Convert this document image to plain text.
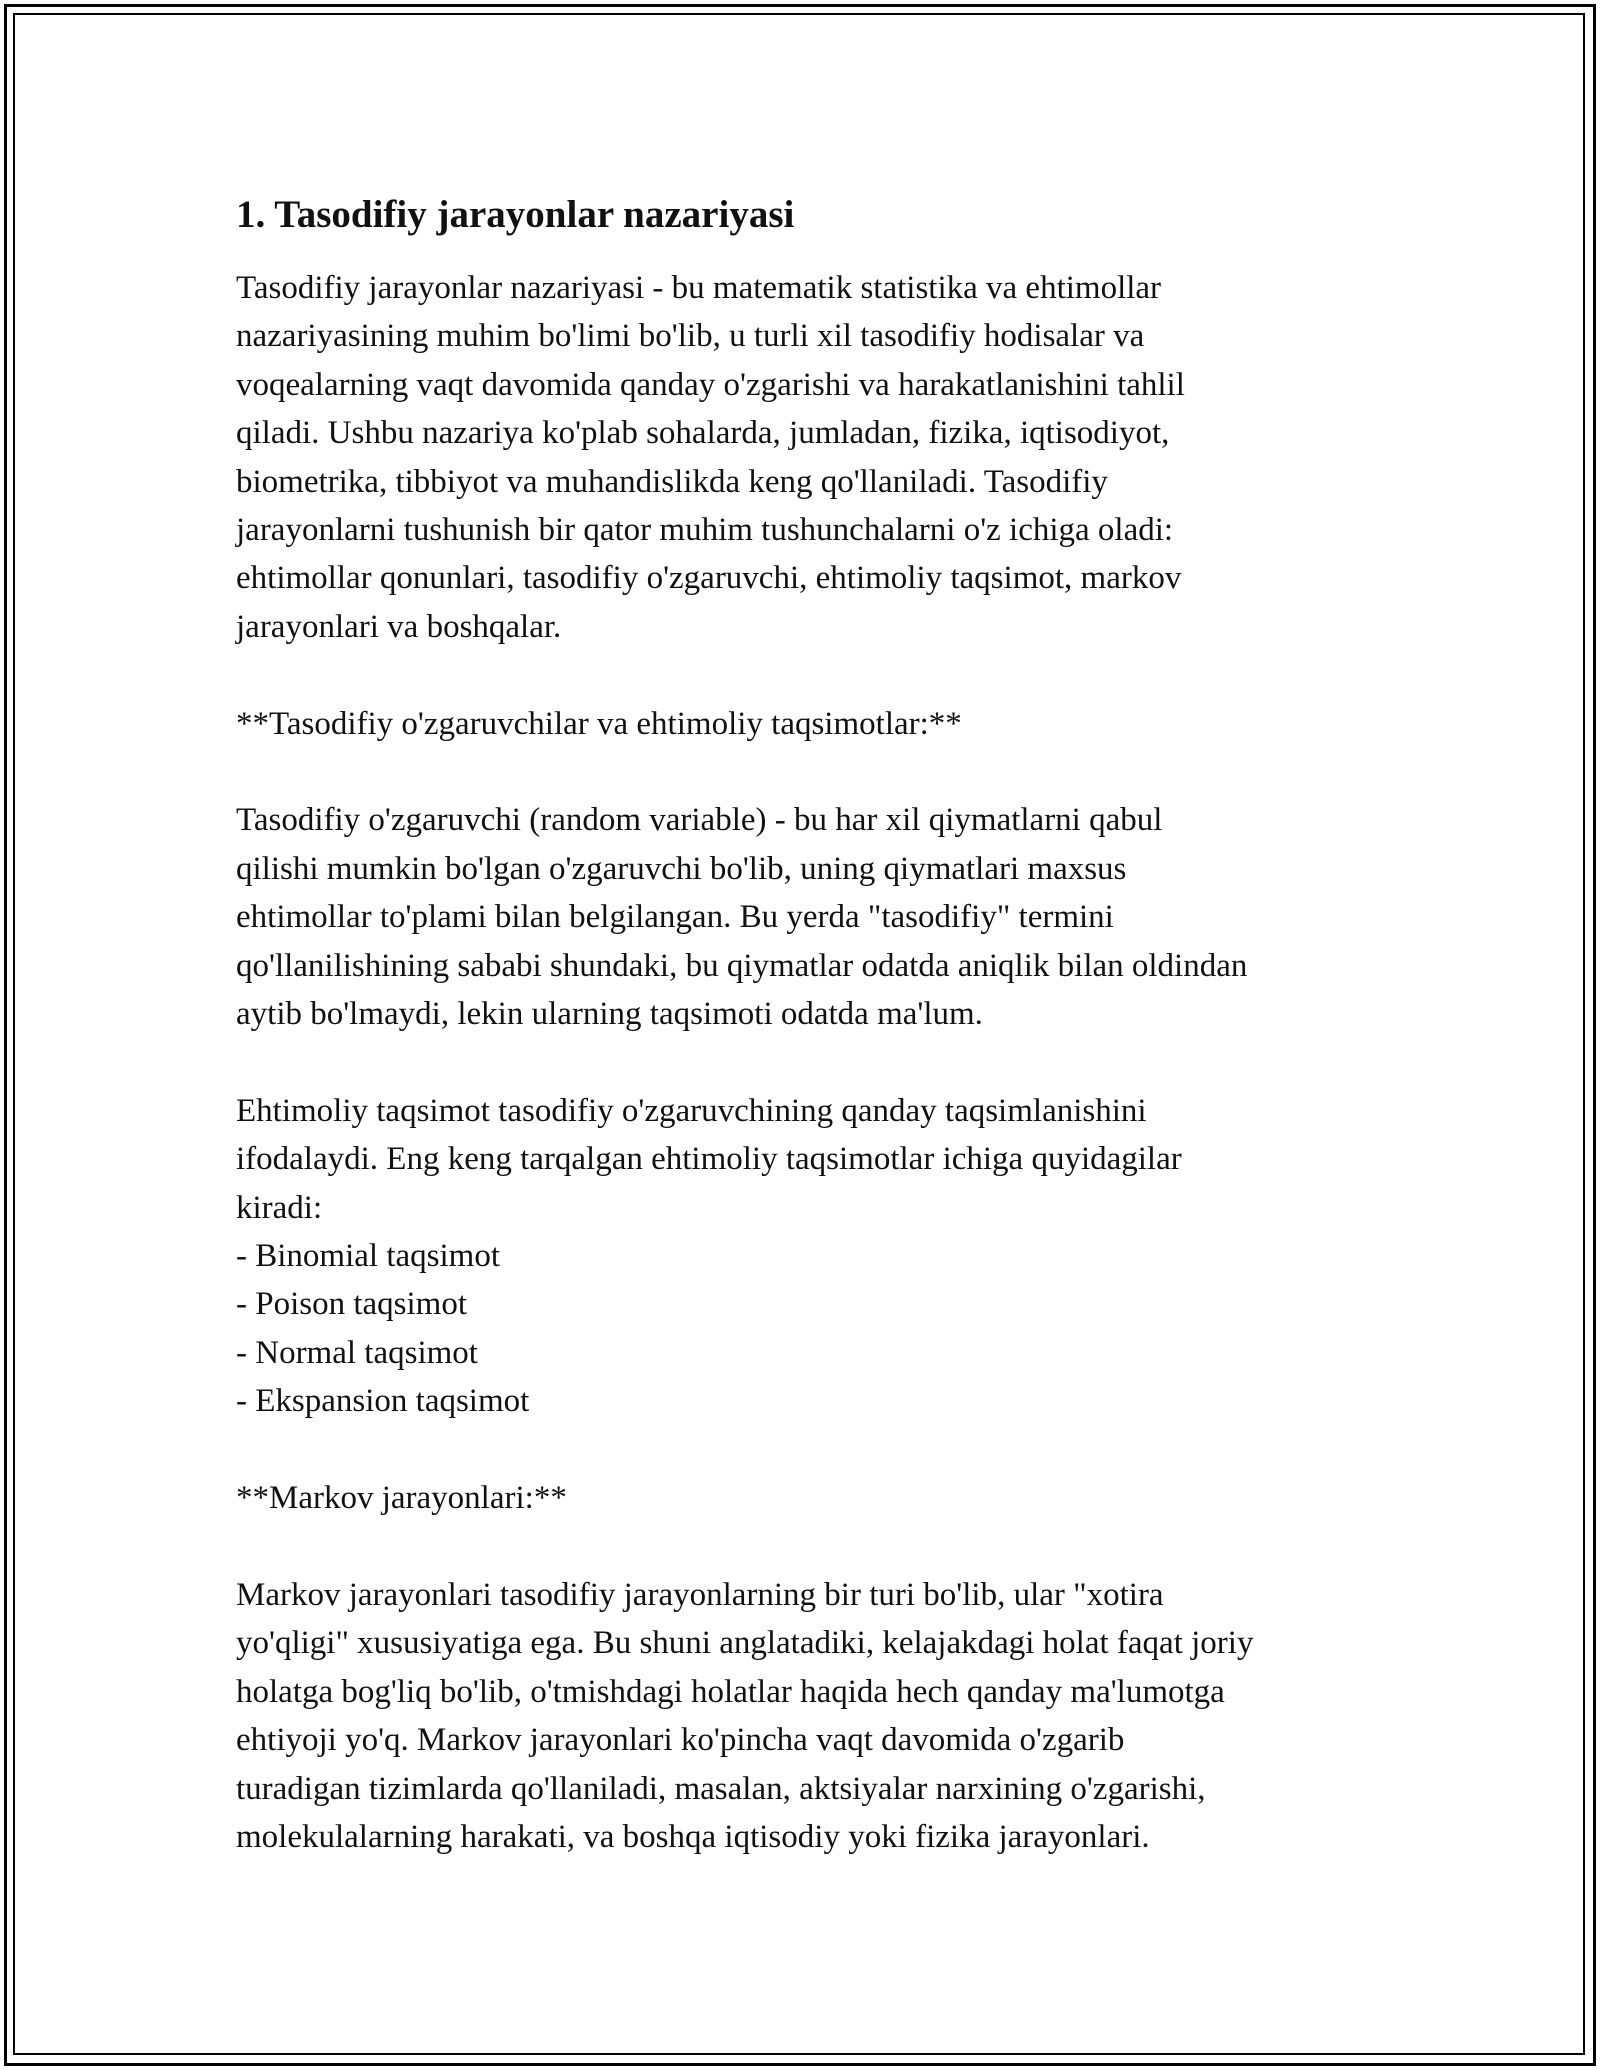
1. Tasodifiy jarayonlar nazariyasi

Tasodifiy jarayonlar nazariyasi - bu matematik statistika va ehtimollar
nazariyasining muhim bo'limi bo'lib, u turli xil tasodifiy hodisalar va
voqealarning vaqt davomida qanday o'zgarishi va harakatlanishini tahlil
qiladi. Ushbu nazariya ko'plab sohalarda, jumladan, fizika, iqtisodiyot,
biometrika, tibbiyot va muhandislikda keng qo'llaniladi. Tasodifiy
jarayonlarni tushunish bir qator muhim tushunchalarni o'z ichiga oladi:
ehtimollar qonunlari, tasodifiy o'zgaruvchi, ehtimoliy taqsimot, markov
jarayonlari va boshqalar.

**Tasodifiy o'zgaruvchilar va ehtimoliy taqsimotlar:**

Tasodifiy o'zgaruvchi (random variable) - bu har xil qiymatlarni qabul
qilishi mumkin bo'lgan o'zgaruvchi bo'lib, uning qiymatlari maxsus
ehtimollar to'plami bilan belgilangan. Bu yerda "tasodifiy" termini
qo'llanilishining sababi shundaki, bu qiymatlar odatda aniqlik bilan oldindan
aytib bo'lmaydi, lekin ularning taqsimoti odatda ma'lum.

Ehtimoliy taqsimot tasodifiy o'zgaruvchining qanday taqsimlanishini
ifodalaydi. Eng keng tarqalgan ehtimoliy taqsimotlar ichiga quyidagilar
kiradi:

- Binomial taqsimot

- Poison taqsimot

- Normal taqsimot

- Ekspansion taqsimot

**Markov jarayonlari:**

Markov jarayonlari tasodifiy jarayonlarning bir turi bo'lib, ular "xotira
yo'qligi" xususiyatiga ega. Bu shuni anglatadiki, kelajakdagi holat faqat joriy
holatga bog'liq bo'lib, o'tmishdagi holatlar haqida hech qanday ma'lumotga
ehtiyoji yo'q. Markov jarayonlari ko'pincha vaqt davomida o'zgarib
turadigan tizimlarda qo'llaniladi, masalan, aktsiyalar narxining o'zgarishi,
molekulalarning harakati, va boshqa iqtisodiy yoki fizika jarayonlari.
